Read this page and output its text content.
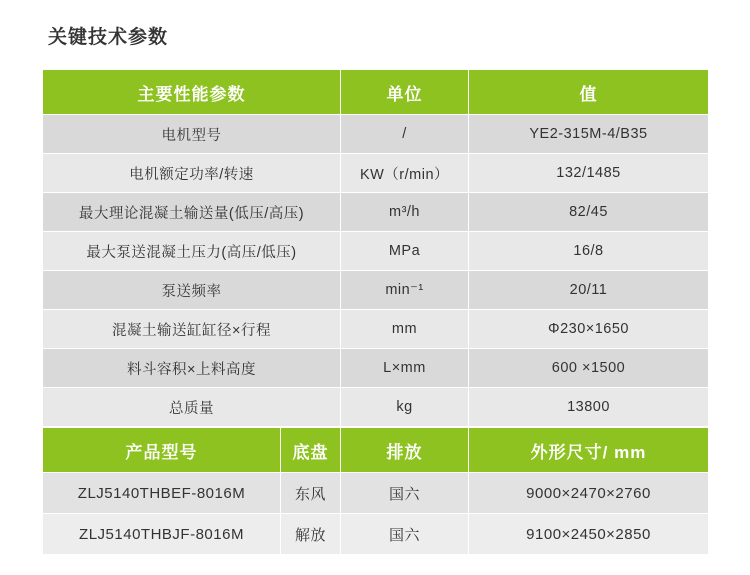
关键技术参数
主要性能参数	单位	值
电机型号	/	YE2-315M-4/B35
电机额定功率/转速	KW（r/min）	132/1485
最大理论混凝土输送量(低压/高压)	m³/h	82/45
最大泵送混凝土压力(高压/低压)	MPa	16/8
泵送频率	min⁻¹	20/11
混凝土输送缸缸径×行程	mm	Φ230×1650
料斗容积×上料高度	L×mm	600 ×1500
总质量	kg	13800
产品型号	底盘	排放	外形尺寸/ mm
ZLJ5140THBEF-8016M	东风	国六	9000×2470×2760
ZLJ5140THBJF-8016M	解放	国六	9100×2450×2850
